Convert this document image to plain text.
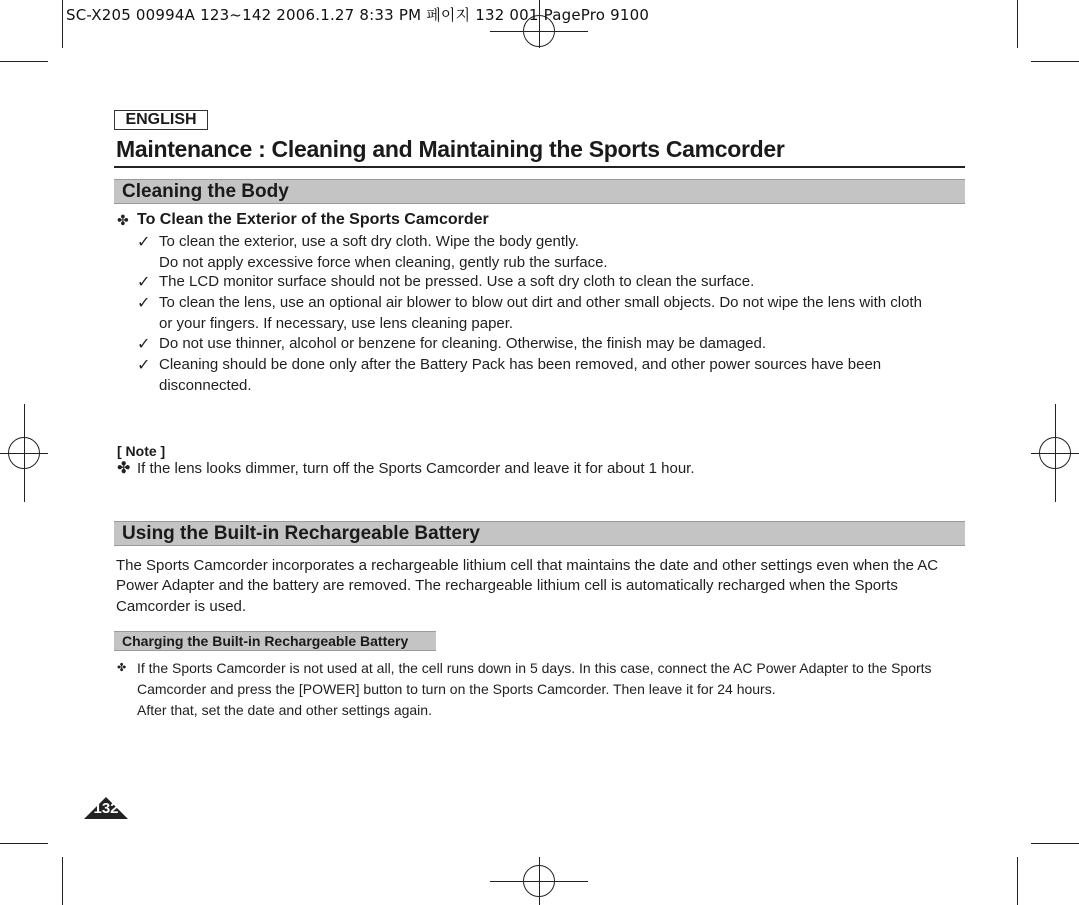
SC-X205 00994A 123~142 2006.1.27 8:33 PM 페이지 132 001 PagePro 9100
ENGLISH
Maintenance : Cleaning and Maintaining the Sports Camcorder
Cleaning the Body
✤ To Clean the Exterior of the Sports Camcorder
✓ To clean the exterior, use a soft dry cloth. Wipe the body gently.
Do not apply excessive force when cleaning, gently rub the surface.
✓ The LCD monitor surface should not be pressed. Use a soft dry cloth to clean the surface.
✓ To clean the lens, use an optional air blower to blow out dirt and other small objects. Do not wipe the lens with cloth
or your fingers. If necessary, use lens cleaning paper.
✓ Do not use thinner, alcohol or benzene for cleaning. Otherwise, the finish may be damaged.
✓ Cleaning should be done only after the Battery Pack has been removed, and other power sources have been
disconnected.
[ Note ]
✤ If the lens looks dimmer, turn off the Sports Camcorder and leave it for about 1 hour.
Using the Built-in Rechargeable Battery
The Sports Camcorder incorporates a rechargeable lithium cell that maintains the date and other settings even when the AC
Power Adapter and the battery are removed. The rechargeable lithium cell is automatically recharged when the Sports
Camcorder is used.
Charging the Built-in Rechargeable Battery
✤ If the Sports Camcorder is not used at all, the cell runs down in 5 days. In this case, connect the AC Power Adapter to the Sports
Camcorder and press the [POWER] button to turn on the Sports Camcorder. Then leave it for 24 hours.
After that, set the date and other settings again.
132
